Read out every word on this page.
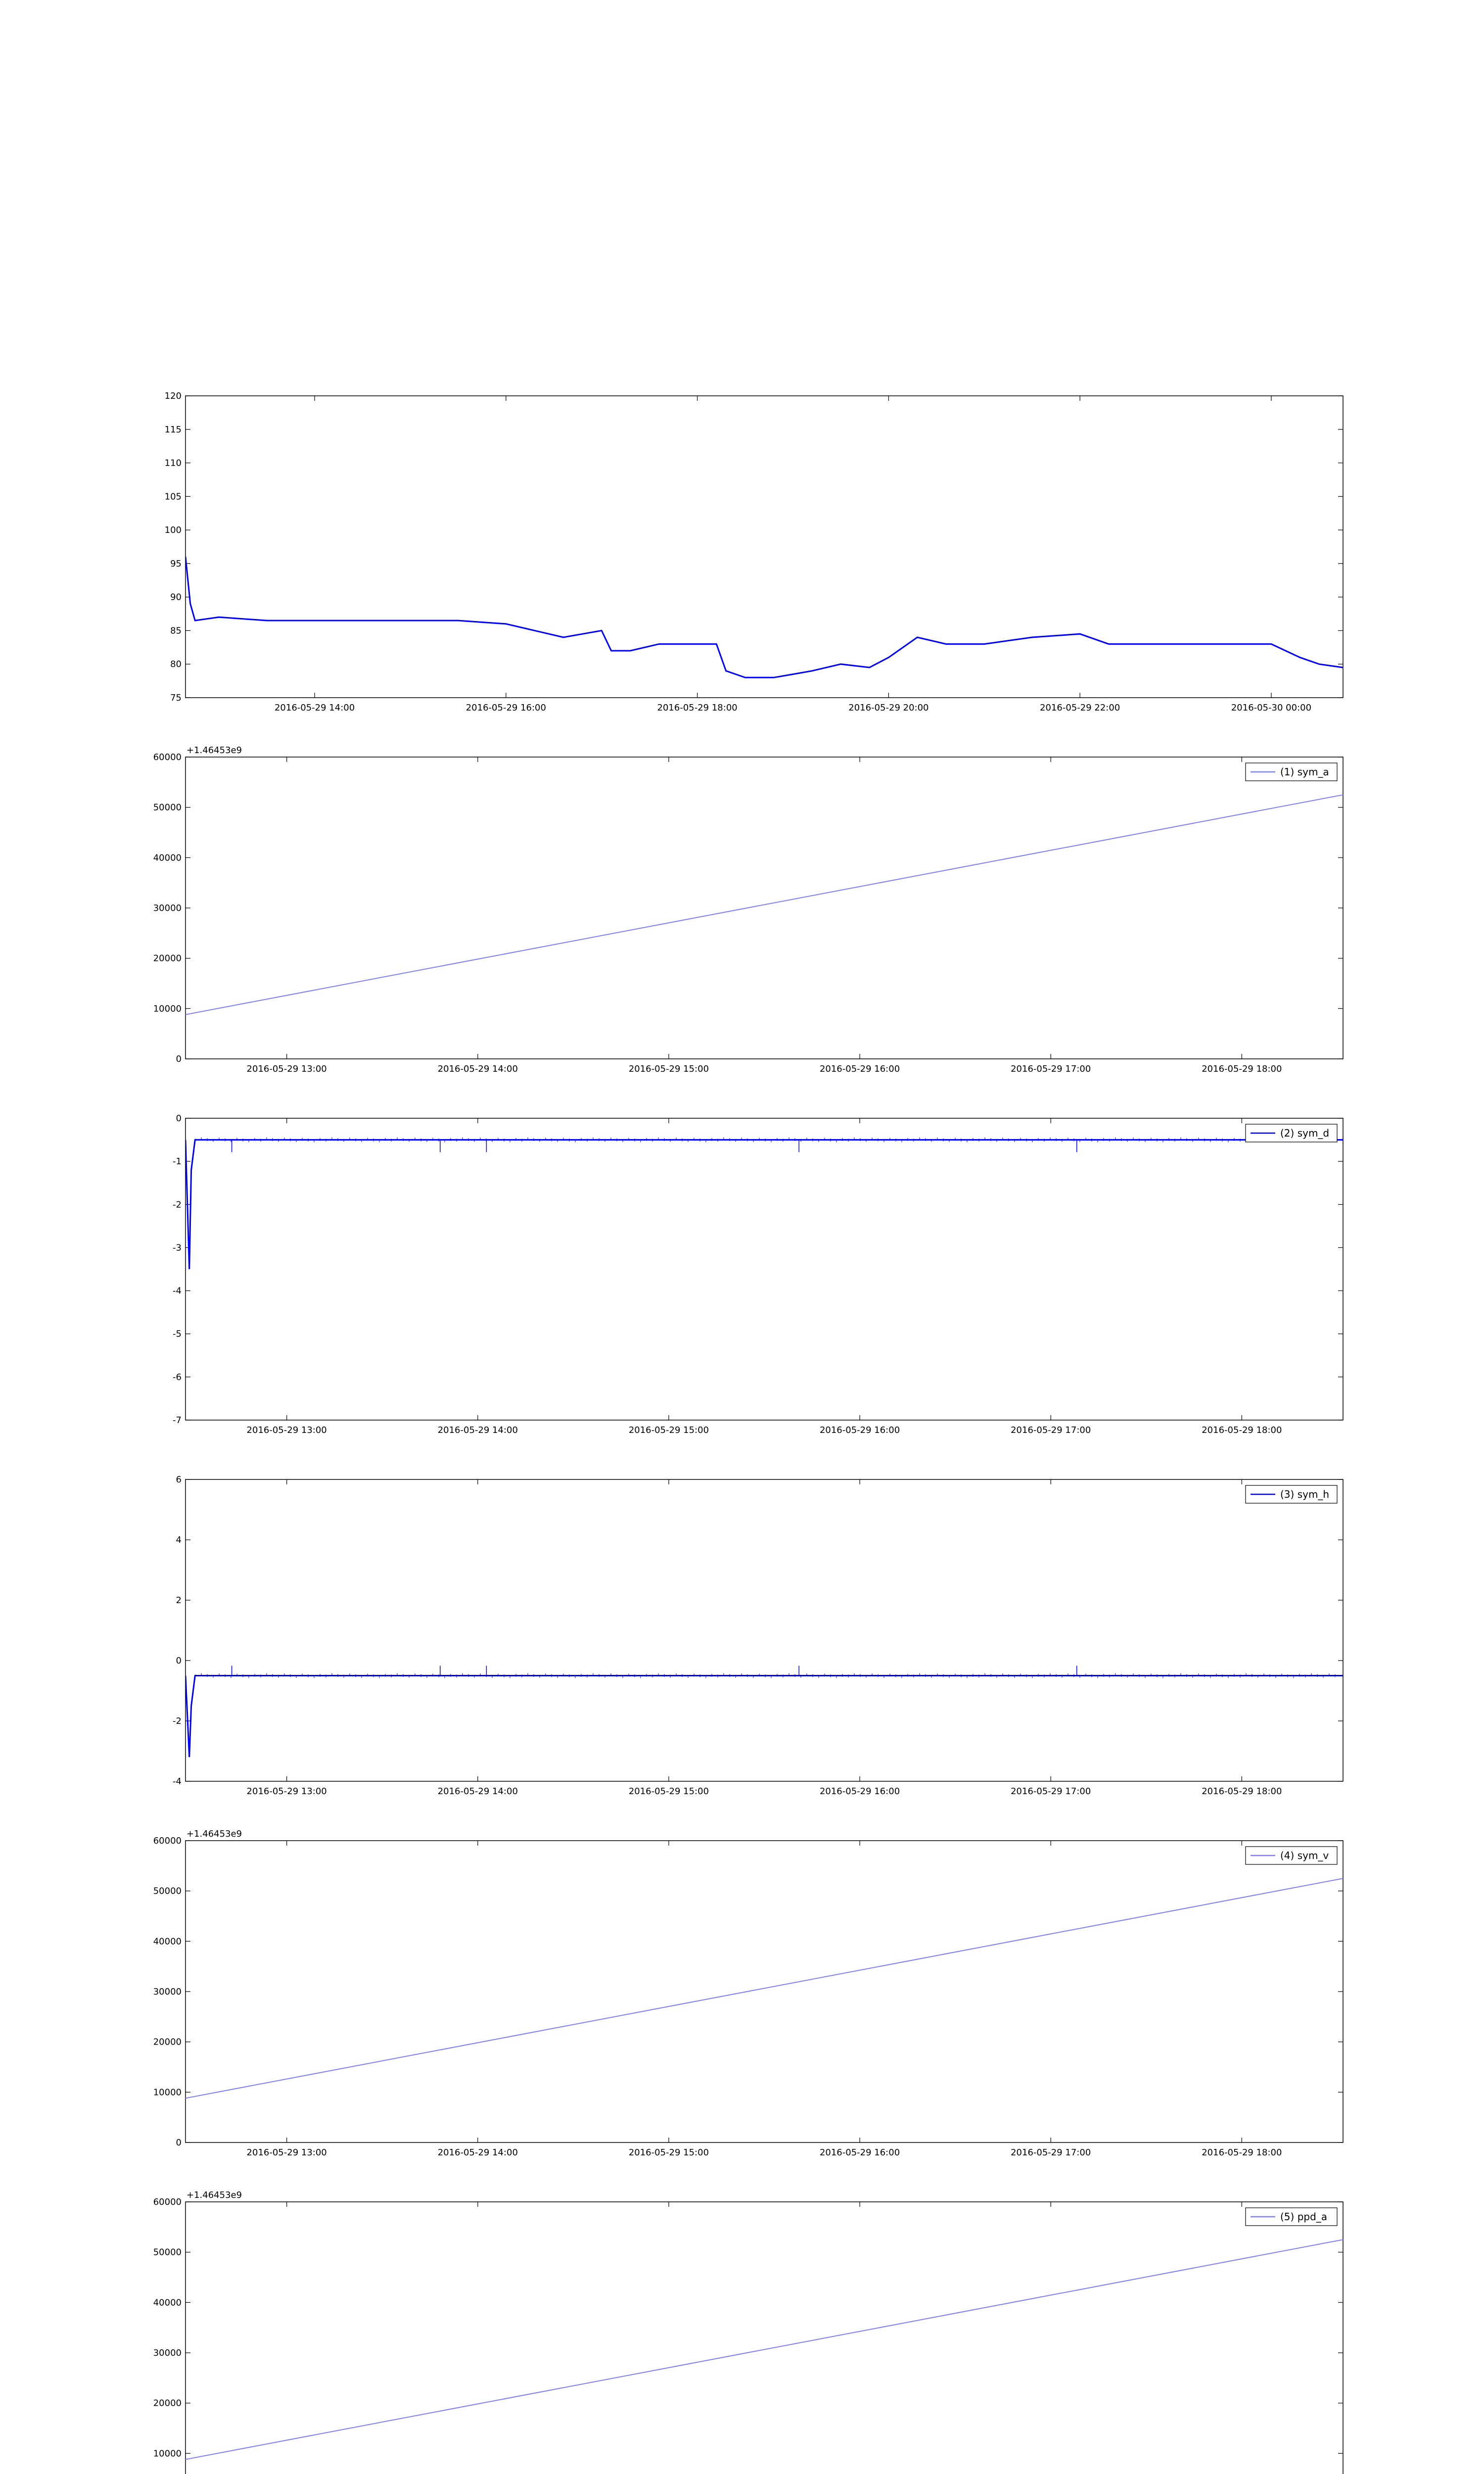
75
80
85
90
95
100
105
110
115
120
2016-05-29 14:00	2016-05-29 16:00	2016-05-29 18:00	2016-05-29 20:00	2016-05-29 22:00	2016-05-30 00:00
0
10000
20000
30000
40000
50000
60000
2016-05-29 13:00	2016-05-29 14:00	2016-05-29 15:00	2016-05-29 16:00	2016-05-29 17:00	2016-05-29 18:00
+1.46453e9
(1) sym_a
-7
-6
-5
-4
-3
-2
-1
0
2016-05-29 13:00	2016-05-29 14:00	2016-05-29 15:00	2016-05-29 16:00	2016-05-29 17:00	2016-05-29 18:00
(2) sym_d
-4
-2
0
2
4
6
2016-05-29 13:00	2016-05-29 14:00	2016-05-29 15:00	2016-05-29 16:00	2016-05-29 17:00	2016-05-29 18:00
(3) sym_h
0
10000
20000
30000
40000
50000
60000
2016-05-29 13:00	2016-05-29 14:00	2016-05-29 15:00	2016-05-29 16:00	2016-05-29 17:00	2016-05-29 18:00
+1.46453e9
(4) sym_v
10000
20000
30000
40000
50000
60000
+1.46453e9
(5) ppd_a
